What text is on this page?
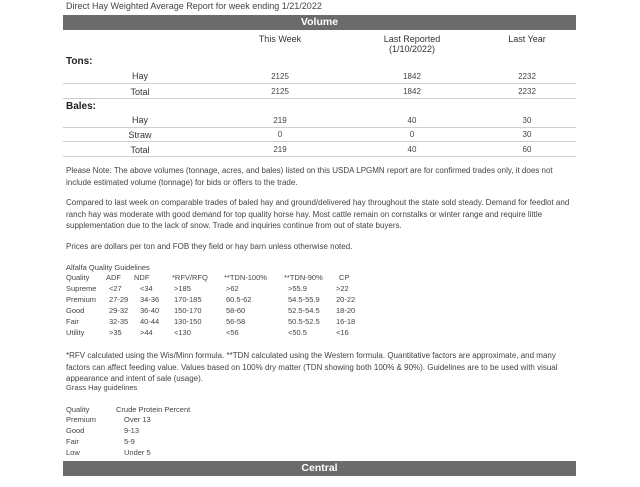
Direct Hay Weighted Average Report for week ending 1/21/2022
Volume
This Week	Last Reported
(1/10/2022)
Last Year
Tons:
Hay	2125	1842	2232
Total	2125	1842	2232
Bales:
Hay	219	40	30
Straw	0	0	30
Total	219	40	60
Please Note: The above volumes (tonnage, acres, and bales) listed on this USDA LPGMN report are for confirmed trades only, it does not include estimated volume (tonnage) for bids or offers to the trade.
Compared to last week on comparable trades of baled hay and ground/delivered hay throughout the state sold steady. Demand for feedlot and ranch hay was moderate with good demand for top quality horse hay. Most cattle remain on cornstalks or winter range and require little supplementation due to the lack of snow. Trade and inquiries continue from out of state buyers.
Prices are dollars per ton and FOB they field or hay barn unless otherwise noted.
Alfalfa Quality Guidelines
Quality ADF NDF	*RFV/RFQ **TDN-100% **TDN-90% CP
Supreme <27 <34	>185	>62	>55.9	>22
Premium 27-29 34-36 170-185	60.5-62	54.5-55.9 20-22
Good	29-32 36-40 150-170	58-60	52.5-54.5 18-20
Fair	32-35 40-44 130-150	56-58	50.5-52.5 16-18
Utility	>35 >44	<130	<56	<50.5	<16
*RFV calculated using the Wis/Minn formula. **TDN calculated using the Western formula. Quantitative factors are approximate, and many factors can affect feeding value. Values based on 100% dry matter (TDN showing both 100% & 90%). Guidelines are to be used with visual appearance and intent of sale (usage).
Grass Hay guidelines
Quality	Crude Protein Percent
Premium	Over 13
Good	9-13
Fair	5-9
Low	Under 5
Central
